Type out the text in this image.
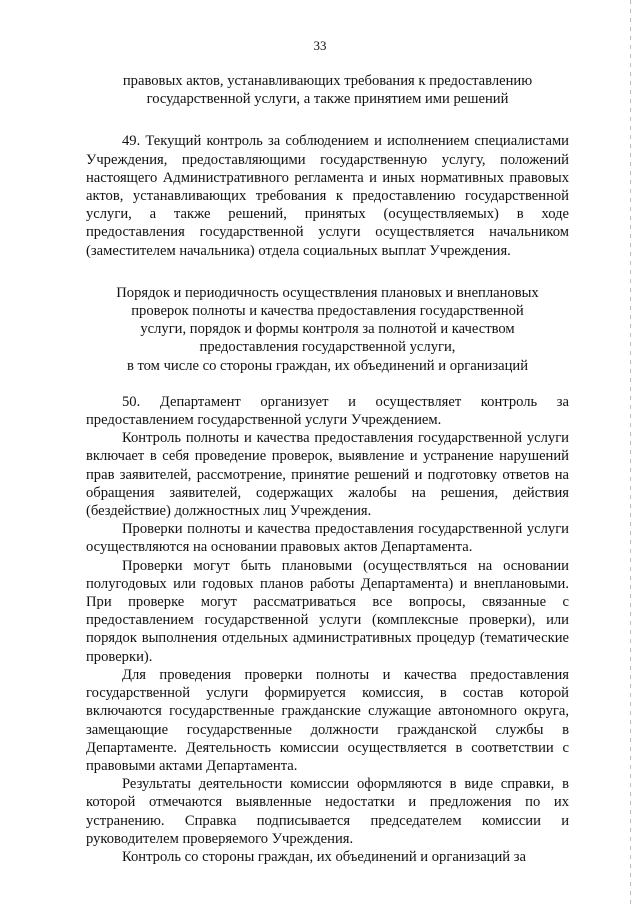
33
правовых актов, устанавливающих требования к предоставлению
государственной услуги, а также принятием ими решений

49. Текущий контроль за соблюдением и исполнением специалистами Учреждения, предоставляющими государственную услугу, положений настоящего Административного регламента и иных нормативных правовых актов, устанавливающих требования к предоставлению государственной услуги, а также решений, принятых (осуществляемых) в ходе предоставления государственной услуги осуществляется начальником (заместителем начальника) отдела социальных выплат Учреждения.

Порядок и периодичность осуществления плановых и внеплановых
проверок полноты и качества предоставления государственной
услуги, порядок и формы контроля за полнотой и качеством
предоставления государственной услуги,
в том числе со стороны граждан, их объединений и организаций

50. Департамент организует и осуществляет контроль за предоставлением государственной услуги Учреждением.

Контроль полноты и качества предоставления государственной услуги включает в себя проведение проверок, выявление и устранение нарушений прав заявителей, рассмотрение, принятие решений и подготовку ответов на обращения заявителей, содержащих жалобы на решения, действия (бездействие) должностных лиц Учреждения.

Проверки полноты и качества предоставления государственной услуги осуществляются на основании правовых актов Департамента.

Проверки могут быть плановыми (осуществляться на основании полугодовых или годовых планов работы Департамента) и внеплановыми. При проверке могут рассматриваться все вопросы, связанные с предоставлением государственной услуги (комплексные проверки), или порядок выполнения отдельных административных процедур (тематические проверки).

Для проведения проверки полноты и качества предоставления государственной услуги формируется комиссия, в состав которой включаются государственные гражданские служащие автономного округа, замещающие государственные должности гражданской службы в Департаменте. Деятельность комиссии осуществляется в соответствии с правовыми актами Департамента.

Результаты деятельности комиссии оформляются в виде справки, в которой отмечаются выявленные недостатки и предложения по их устранению. Справка подписывается председателем комиссии и руководителем проверяемого Учреждения.

Контроль со стороны граждан, их объединений и организаций за
